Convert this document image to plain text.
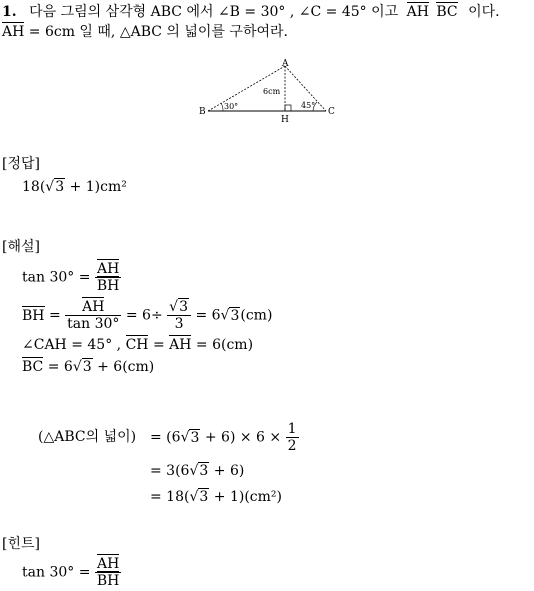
1. 다음 그림의 삼각형 ABC 에서 ∠B = 30° , ∠C = 45° 이고 AH BC 이다.
AH = 6cm 일 때, △ABC 의 넓이를 구하여라.
A
B	C
H
30°	45°
6cm
[정답]
18(√3 + 1)cm²
[해설]
$\tan 30^\circ = \frac{AH}{BH}$
BH = $\frac{AH}{\tan 30^\circ} = 6\div \frac{√3}{3} = 6√3(cm)$
∠CAH = 45° , CH = AH = 6(cm)
BC = 6√3 + 6(cm)
(△ABC의 넓이) = $(6√3 + 6) \times 6 \times \frac{1}{2}$
= 3(6√3 + 6)
= 18(√3 + 1)(cm²)
[힌트]
$\tan 30^\circ = \frac{AH}{BH}$
